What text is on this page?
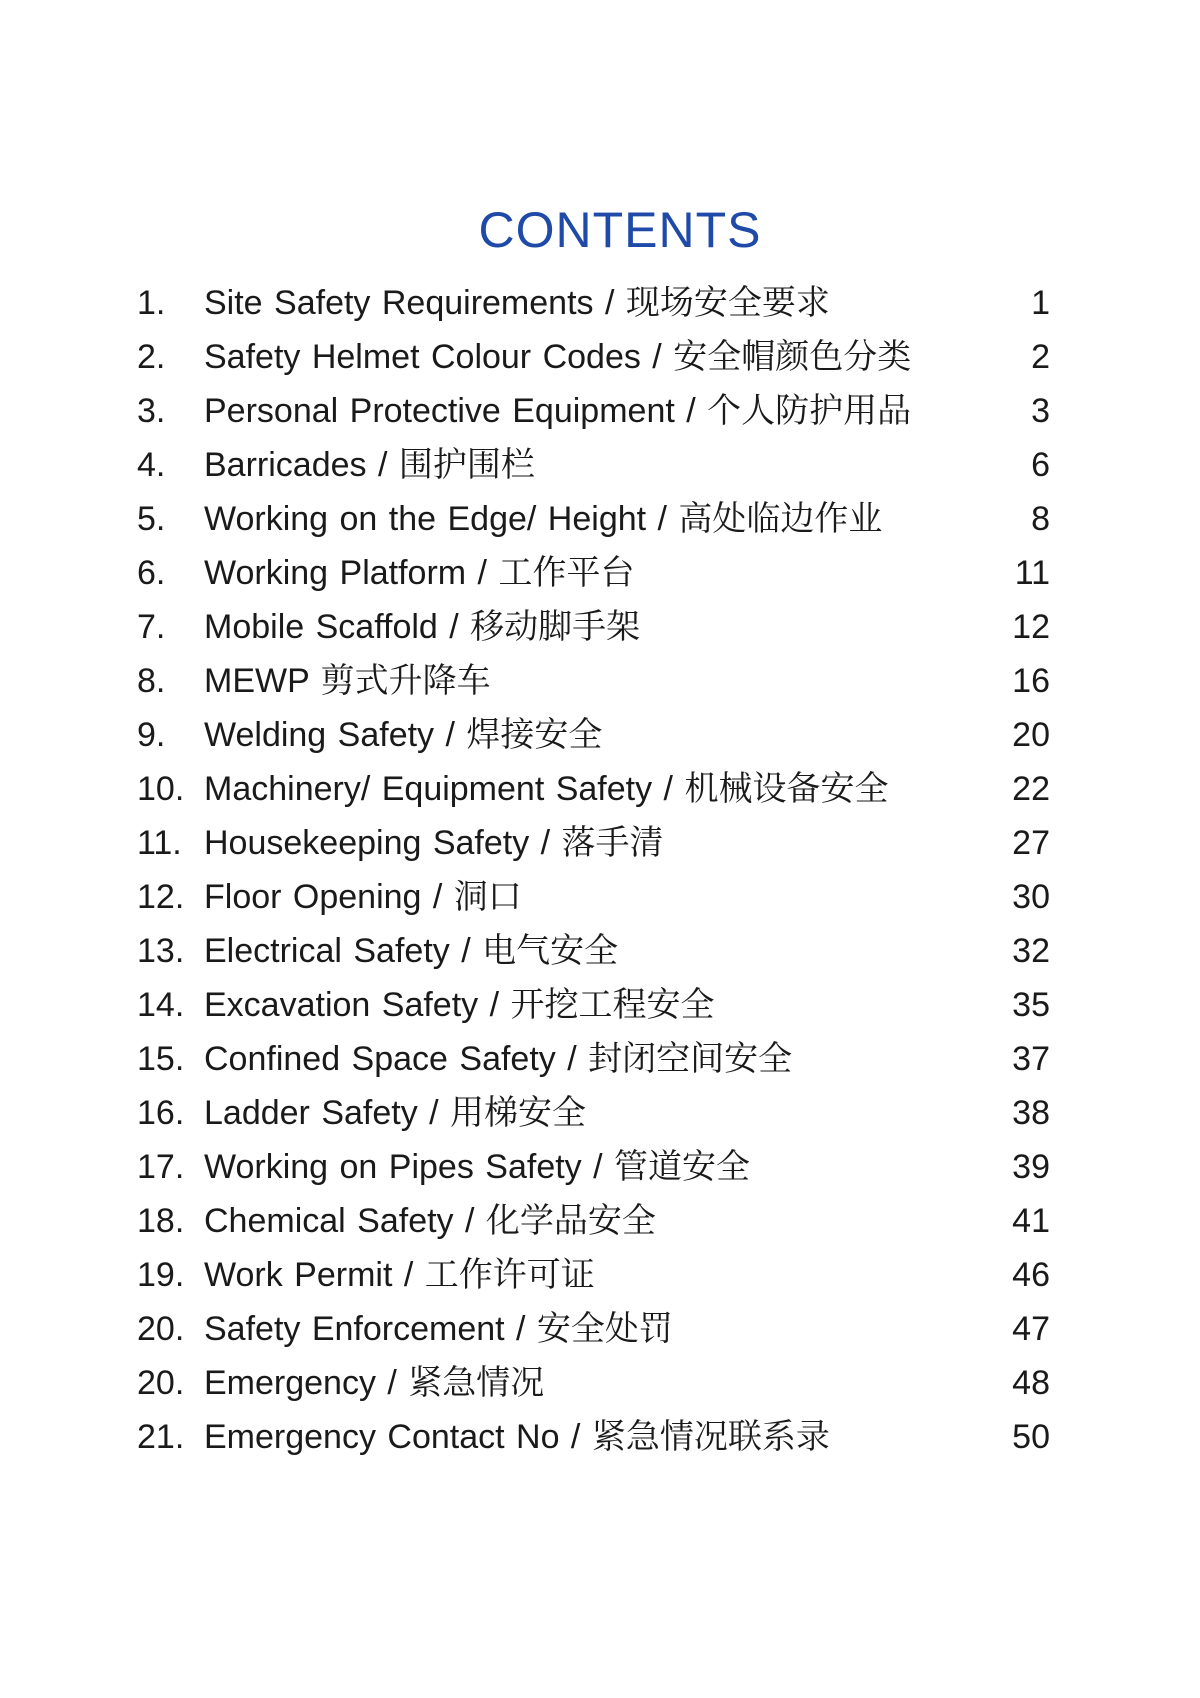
CONTENTS
1. Site Safety Requirements / 现场安全要求	1
2. Safety Helmet Colour Codes / 安全帽颜色分类	2
3. Personal Protective Equipment / 个人防护用品	3
4. Barricades / 围护围栏	6
5. Working on the Edge/ Height / 高处临边作业	8
6. Working Platform / 工作平台	11
7. Mobile Scaffold / 移动脚手架	12
8. MEWP 剪式升降车	16
9. Welding Safety / 焊接安全	20
10. Machinery/ Equipment Safety / 机械设备安全	22
11. Housekeeping Safety / 落手清	27
12. Floor Opening / 洞口	30
13. Electrical Safety / 电气安全	32
14. Excavation Safety / 开挖工程安全	35
15. Confined Space Safety / 封闭空间安全	37
16. Ladder Safety / 用梯安全	38
17. Working on Pipes Safety / 管道安全	39
18. Chemical Safety / 化学品安全	41
19. Work Permit / 工作许可证	46
20. Safety Enforcement / 安全处罚	47
20. Emergency / 紧急情况	48
21. Emergency Contact No / 紧急情况联系录	50
